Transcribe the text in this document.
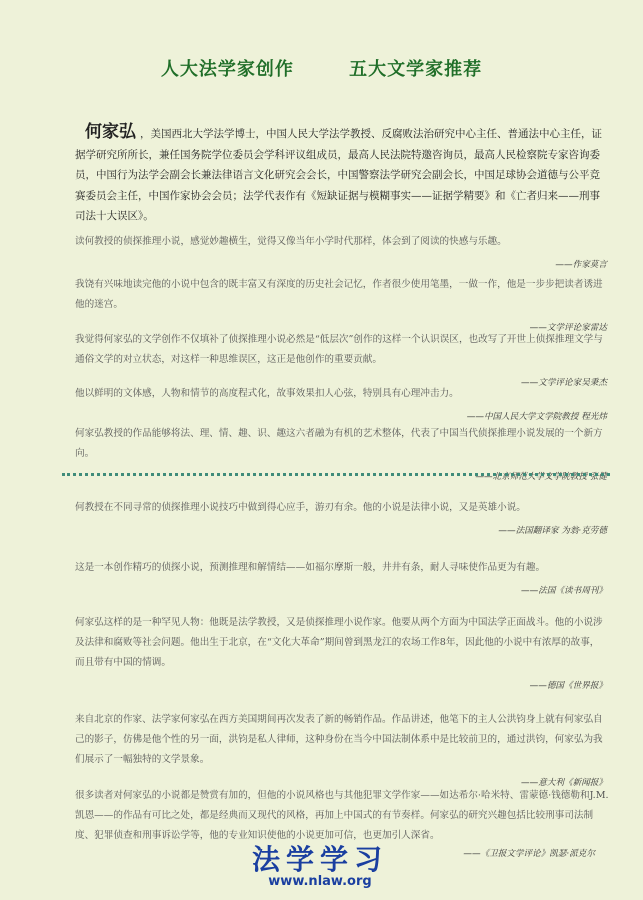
人大法学家创作	五大文学家推荐
何家弘 ，美国西北大学法学博士，中国人民大学法学教授、反腐败法治研究中心主任、普通法中心主任，证据学研究所所长，兼任国务院学位委员会学科评议组成员，最高人民法院特邀咨询员，最高人民检察院专家咨询委员，中国行为法学会副会长兼法律语言文化研究会会长，中国警察法学研究会副会长，中国足球协会道德与公平竞赛委员会主任，中国作家协会会员；法学代表作有《短缺证据与模糊事实——证据学精要》和《亡者归来——刑事司法十大误区》。

读何教授的侦探推理小说，感觉妙趣横生，觉得又像当年小学时代那样，体会到了阅读的快感与乐趣。

——作家莫言

我饶有兴味地读完他的小说中包含的既丰富又有深度的历史社会记忆，作者很少使用笔墨，一做一作，他是一步步把读者诱进他的迷宫。

——文学评论家雷达

我觉得何家弘的文学创作不仅填补了侦探推理小说必然是“低层次”创作的这样一个认识误区，也改写了开世上侦探推理文学与通俗文学的对立状态，对这样一种思维误区，这正是他创作的重要贡献。

——文学评论家吴秉杰

他以鲜明的文体感，人物和情节的高度程式化，故事效果扣人心弦，特别具有心理冲击力。

——中国人民大学文学院教授 程光炜

何家弘教授的作品能够将法、理、情、趣、识、趣这六者融为有机的艺术整体，代表了中国当代侦探推理小说发展的一个新方向。

——北京师范大学文学院教授 张健

何教授在不同寻常的侦探推理小说技巧中做到得心应手，游刃有余。他的小说是法律小说，又是英雄小说。

——法国翻译家 为翁·克劳德

这是一本创作精巧的侦探小说，预测推理和解情结——如福尔摩斯一般，井井有条，耐人寻味使作品更为有趣。

——法国《读书周刊》

何家弘这样的是一种罕见人物：他既是法学教授，又是侦探推理小说作家。他要从两个方面为中国法学正面战斗。他的小说涉及法律和腐败等社会问题。他出生于北京，在“文化大革命”期间曾到黑龙江的农场工作8年，因此他的小说中有浓厚的故事，而且带有中国的情调。

——德国《世界报》

来自北京的作家、法学家何家弘在西方美国期间再次发表了新的畅销作品。作品讲述，他笔下的主人公洪钧身上就有何家弘自己的影子，仿佛是他个性的另一面，洪钧是私人律师，这种身份在当今中国法制体系中是比较前卫的，通过洪钧，何家弘为我们展示了一幅独特的文学景象。

——意大利《新闻报》

很多读者对何家弘的小说都是赞赏有加的，但他的小说风格也与其他犯罪文学作家——如达希尔·哈米特、雷蒙德·钱德勒和J.M.凯恩——的作品有可比之处，都是经典而又现代的风格，再加上中国式的有节奏样。何家弘的研究兴趣包括比较刑事司法制度、犯罪侦查和刑事诉讼学等，他的专业知识使他的小说更加可信，也更加引人深省。

法学学习
www.nlaw.org
——《卫报文学评论》凯瑟·派克尔
